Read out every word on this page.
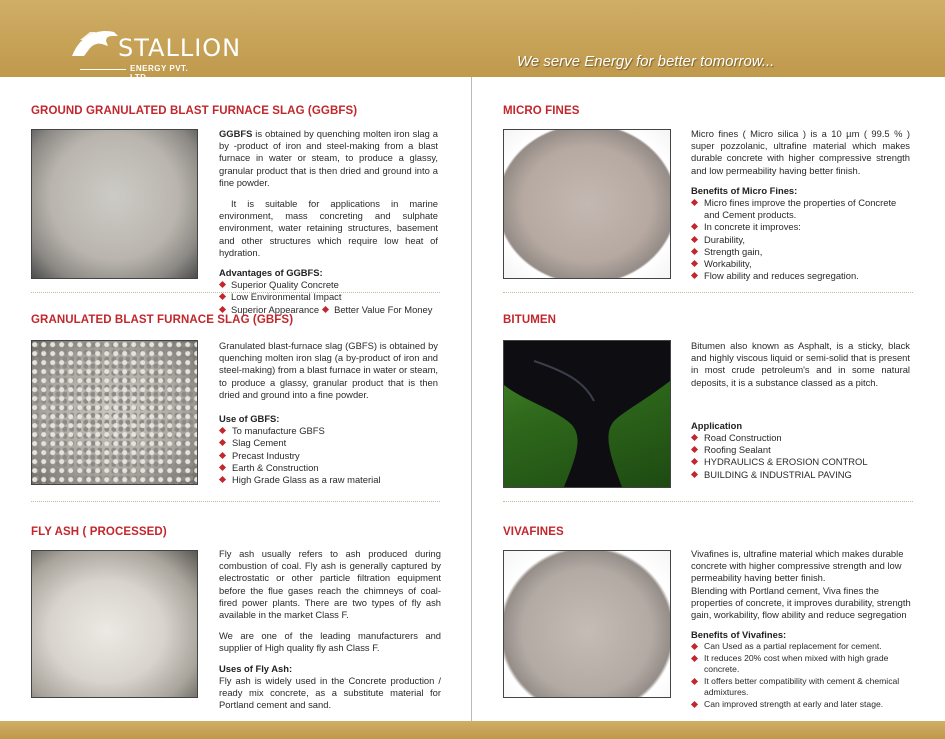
STALLION
ENERGY PVT. LTD.
We serve Energy for better tomorrow...
GROUND GRANULATED BLAST FURNACE SLAG (GGBFS)

GGBFS is obtained by quenching molten iron slag a by -product of iron and steel-making from a blast furnace in water or steam, to produce a glassy, granular product that is then dried and ground into a fine powder.

It is suitable for applications in marine environment, mass concreting and sulphate environment, water retaining structures, basement and other structures which require low heat of hydration.

Advantages of GGBFS:
Superior Quality ConcreteLow Environmental Impact
Superior Appearance Better Value For Money
GRANULATED BLAST FURNACE SLAG (GBFS)

Granulated blast-furnace slag (GBFS) is obtained by quenching molten iron slag (a by-product of iron and steel-making) from a blast furnace in water or steam, to produce a glassy, granular product that is then dried and ground into a fine powder.

Use of GBFS:
To manufacture GBFS
Slag Cement
Precast Industry
Earth & Construction
High Grade Glass as a raw material
FLY ASH ( PROCESSED)

Fly ash usually refers to ash produced during combustion of coal. Fly ash is generally captured by electrostatic or other particle filtration equipment before the flue gases reach the chimneys of coal-fired power plants. There are two types of fly ash available in the market Class F.

We are one of the leading manufacturers and supplier of High quality fly ash Class F.

Uses of Fly Ash:

Fly ash is widely used in the Concrete production / ready mix concrete, as a substitute material for Portland cement and sand.

MICRO FINES

Micro fines ( Micro silica ) is a 10 µm ( 99.5 % ) super pozzolanic, ultrafine material which makes durable concrete with higher compressive strength and low permeability having better finish.

Benefits of Micro Fines:
Micro fines improve the properties of Concrete and Cement products.
In concrete it improves:
Durability,
Strength gain,
Workability,
Flow ability and reduces segregation.
BITUMEN

Bitumen also known as Asphalt, is a sticky, black and highly viscous liquid or semi-solid that is present in most crude petroleum's and in some natural deposits, it is a substance classed as a pitch.

Application
Road Construction
Roofing Sealant
HYDRAULICS & EROSION CONTROL
BUILDING & INDUSTRIAL PAVING
VIVAFINES

Vivafines is, ultrafine material which makes durable concrete with higher compressive strength and low permeability having better finish.

Blending with Portland cement, Viva fines the properties of concrete, it improves durability, strength gain, workability, flow ability and reduce segregation

Benefits of Vivafines:
Can Used as a partial replacement for cement.
It reduces 20% cost when mixed with high grade concrete.
It offers better compatibility with cement & chemical admixtures.
Can improved strength at early and later stage.
